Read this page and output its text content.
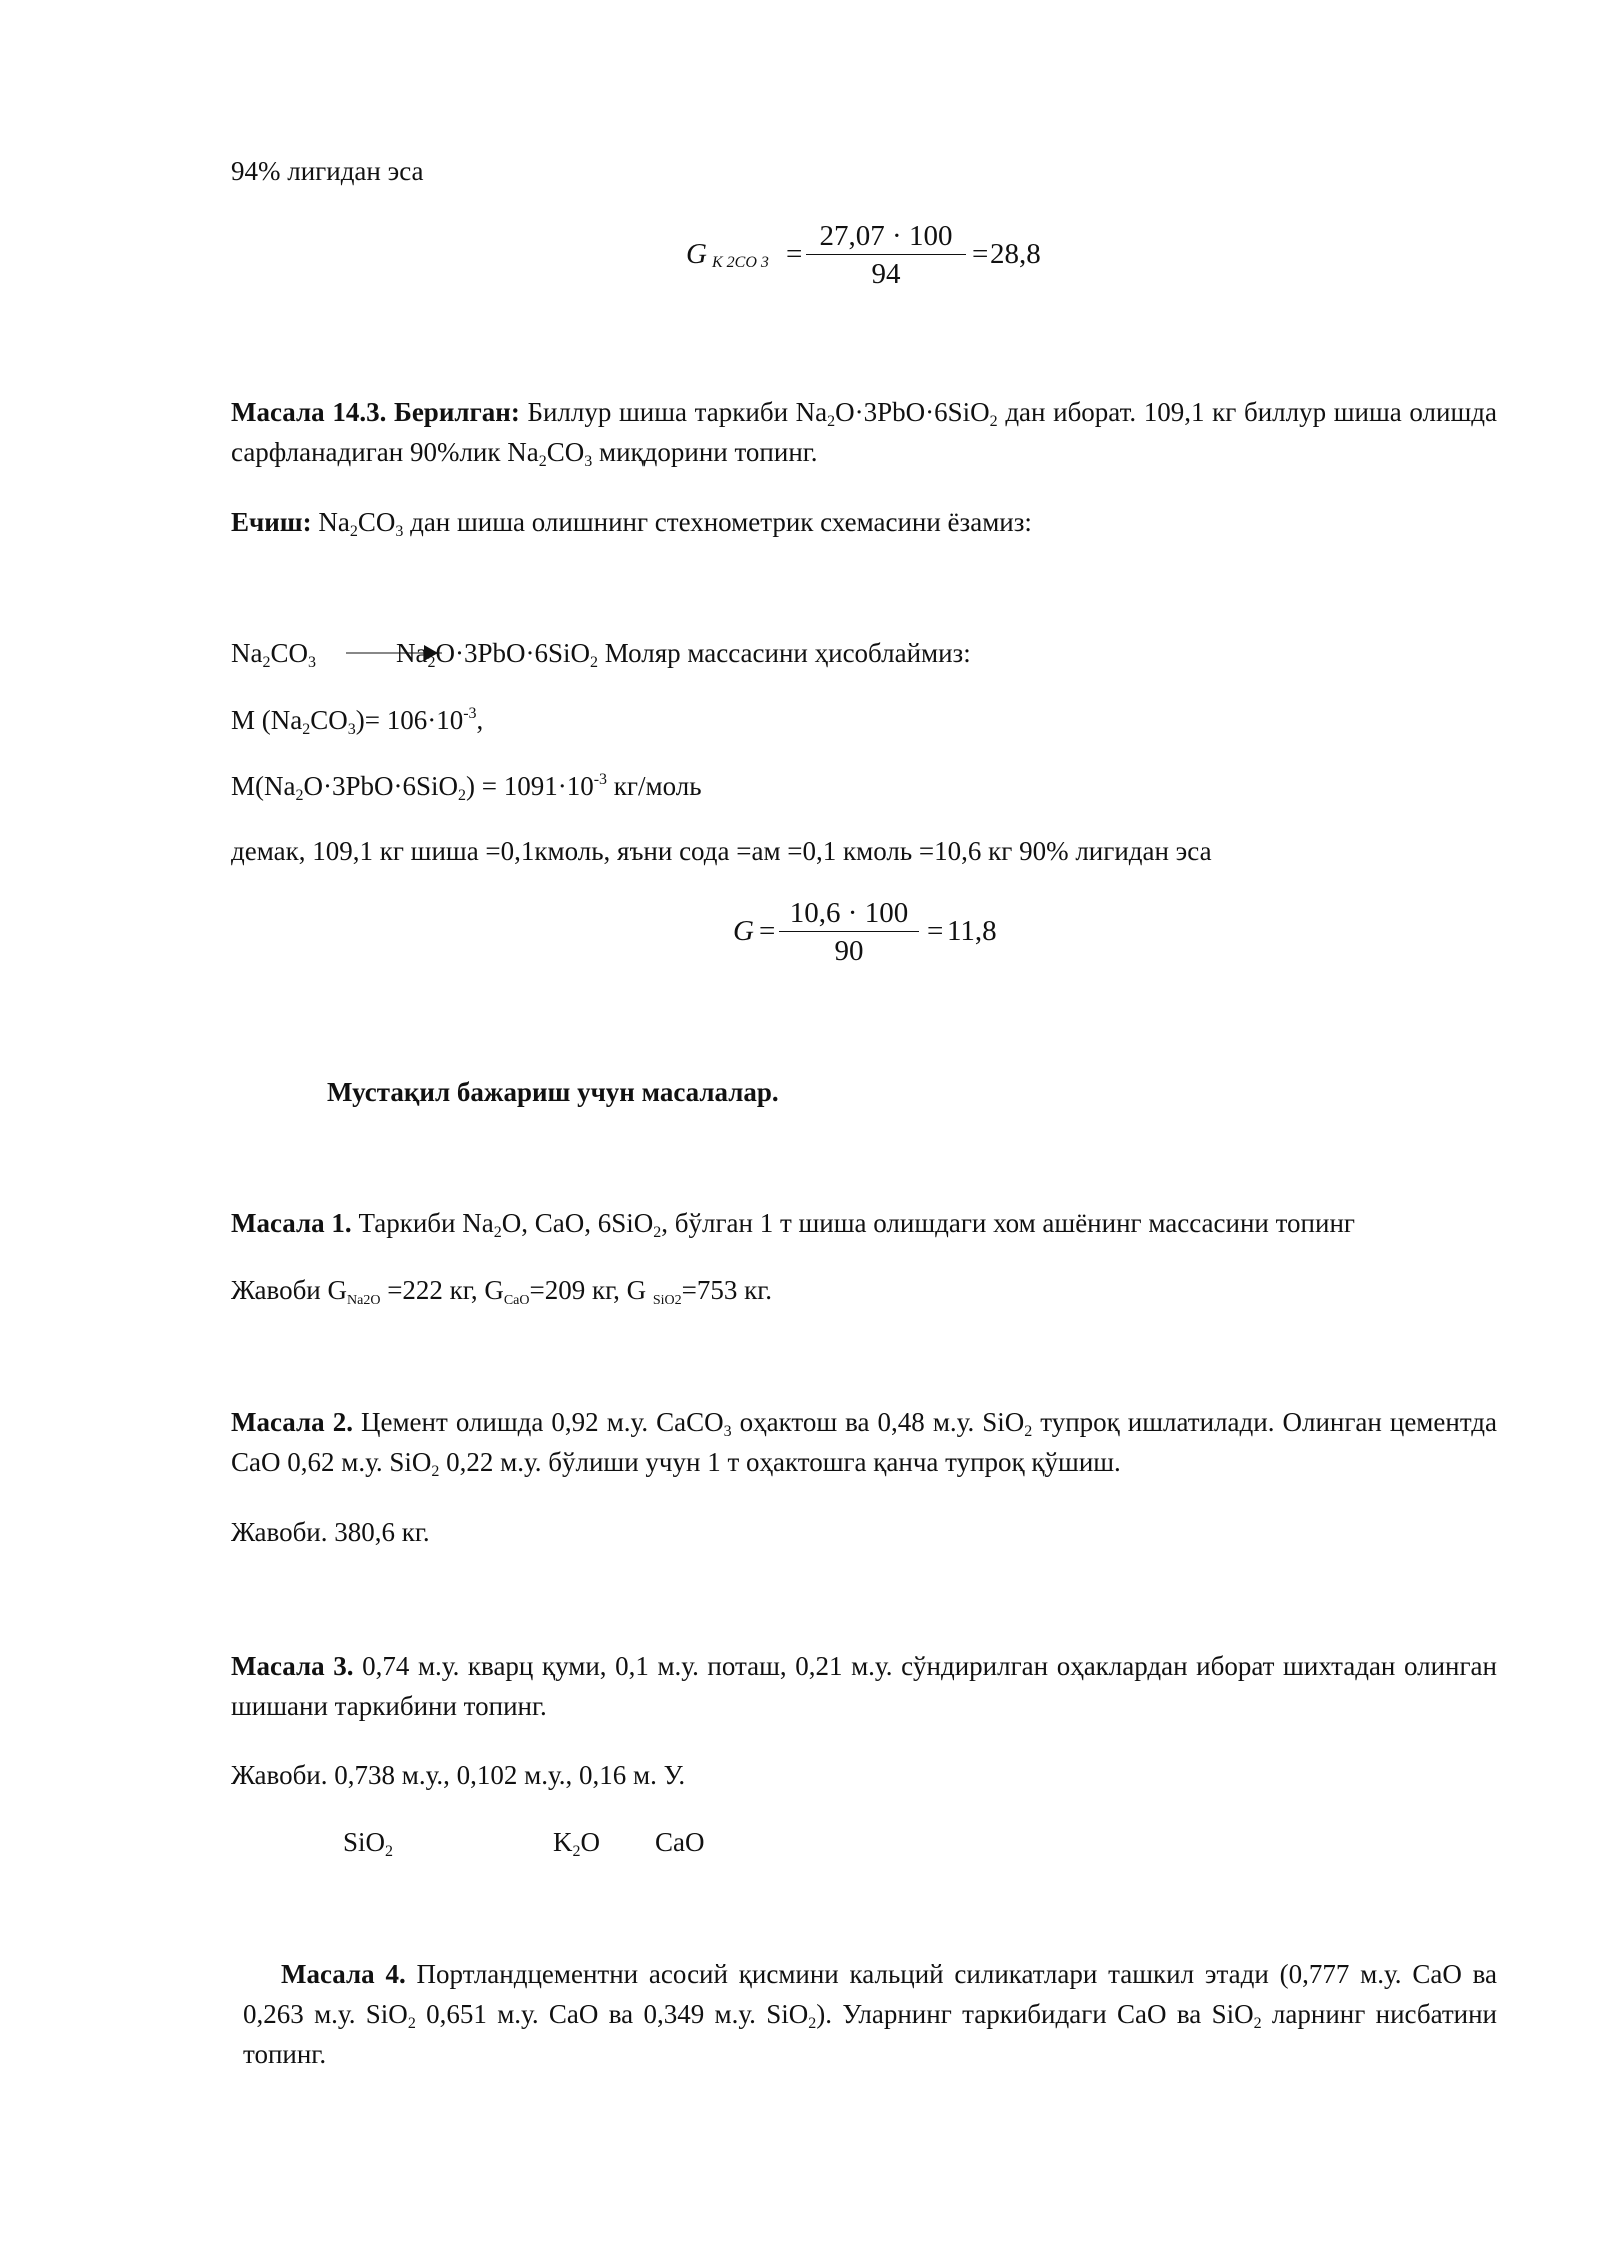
94% лигидан эса
G K 2CO $3 = \frac{27,07 \cdot 100}{94} = 28,8$
Масала 14.3. Берилган: Биллур шиша таркиби $Na_2O\cdot 3PbO\cdot 6SiO_2$ дан иборат. 109,1 кг биллур шиша олишда сарфланадиган 90%лик $Na_2CO_3$ миқдорини топинг.
Ечиш: $Na_2CO_3$ дан шиша олишнинг стехнометрик схемасини ёзамиз:
$Na_2CO_3$	$Na_2O\cdot 3PbO\cdot 6SiO_2$ Моляр массасини ҳисоблаймиз:
M $(Na_2CO_3)= 106\cdot 10^{-3}$,
$M(Na_2O\cdot 3PbO\cdot 6SiO_2) = 1091\cdot 10^{-3}$ кг/моль
демак, 109,1 кг шиша =0,1кмоль, яъни сода =ам =0,1 кмоль =10,6 кг 90% лигидан эса
$G = \frac{10,6 \cdot 100}{90} = 11,8$
Мустақил бажариш учун масалалар.
Масала 1. Таркиби $Na_2O$, CaO, 6SiO$_2$, бўлган 1 т шиша олишдаги хом ашёнинг массасини топинг
Жавоби $G_{Na2O} =222$ кг, $G_{CaO}=209$ кг, G $_{SiO2}$=753 кг.
Масала 2. Цемент олишда 0,92 м.у. CaCO$_3$ оҳактош ва 0,48 м.у. SiO$_2$ тупроқ ишлатилади. Олинган цементда CaO 0,62 м.у. SiO$_2$ 0,22 м.у. бўлиши учун 1 т оҳактошга қанча тупроқ қўшиш.
Жавоби. 380,6 кг.
Масала 3. 0,74 м.у. кварц қуми, 0,1 м.у. поташ, 0,21 м.у. сўндирилган оҳаклардан иборат шихтадан олинган шишани таркибини топинг.
Жавоби. 0,738 м.у., 0,102 м.у., 0,16 м. У.
SiO$_2$	$K_2O$ CaO
Масала 4. Портландцементни асосий қисмини кальций силикатлари ташкил этади (0,777 м.у. CaO ва 0,263 м.у. SiO$_2$ 0,651 м.у. CaO ва 0,349 м.у. SiO$_2$). Уларнинг таркибидаги CaO ва SiO$_2$ ларнинг нисбатини топинг.
